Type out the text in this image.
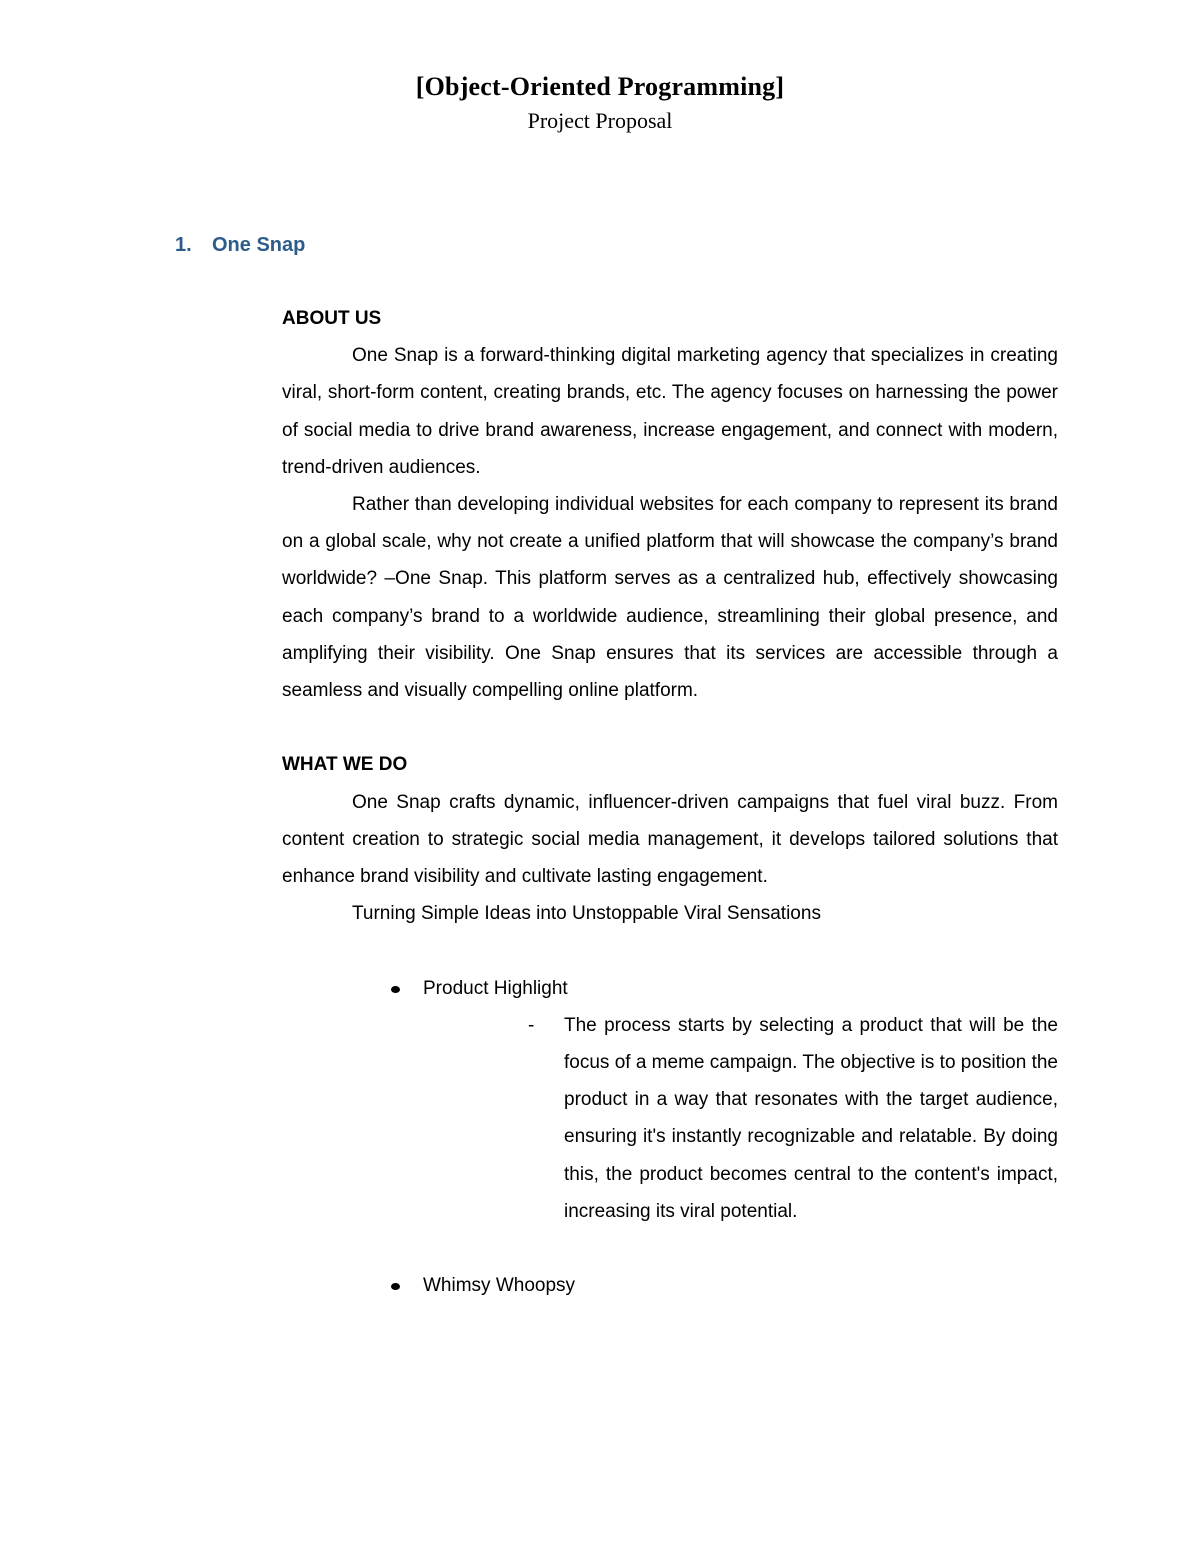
[Object-Oriented Programming]
Project Proposal
1. One Snap

ABOUT US

One Snap is a forward-thinking digital marketing agency that specializes in creating viral, short-form content, creating brands, etc. The agency focuses on harnessing the power of social media to drive brand awareness, increase engagement, and connect with modern, trend-driven audiences.

Rather than developing individual websites for each company to represent its brand on a global scale, why not create a unified platform that will showcase the company’s brand worldwide? –One Snap. This platform serves as a centralized hub, effectively showcasing each company’s brand to a worldwide audience, streamlining their global presence, and amplifying their visibility. One Snap ensures that its services are accessible through a seamless and visually compelling online platform.

WHAT WE DO

One Snap crafts dynamic, influencer-driven campaigns that fuel viral buzz. From content creation to strategic social media management, it develops tailored solutions that enhance brand visibility and cultivate lasting engagement.

Turning Simple Ideas into Unstoppable Viral Sensations

Product Highlight
- The process starts by selecting a product that will be the focus of a meme campaign. The objective is to position the product in a way that resonates with the target audience, ensuring it's instantly recognizable and relatable. By doing this, the product becomes central to the content's impact, increasing its viral potential.
Whimsy Whoopsy
